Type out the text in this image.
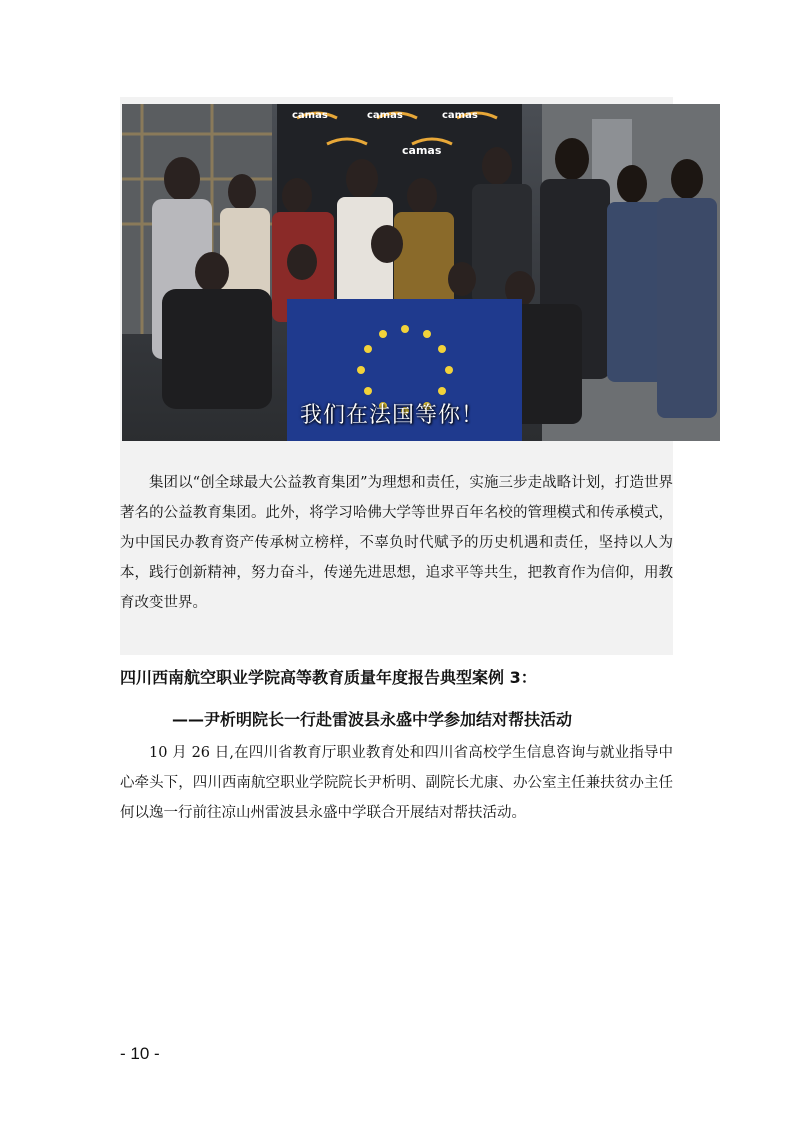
camas	camas	camas
camas
我们在法国等你！

集团以“创全球最大公益教育集团”为理想和责任，实施三步走战略计划，打造世界著名的公益教育集团。此外，将学习哈佛大学等世界百年名校的管理模式和传承模式，为中国民办教育资产传承树立榜样，不辜负时代赋予的历史机遇和责任，坚持以人为本，践行创新精神，努力奋斗，传递先进思想，追求平等共生，把教育作为信仰，用教育改变世界。

四川西南航空职业学院高等教育质量年度报告典型案例 3：
——尹析明院长一行赴雷波县永盛中学参加结对帮扶活动

10 月 26 日,在四川省教育厅职业教育处和四川省高校学生信息咨询与就业指导中心牵头下，四川西南航空职业学院院长尹析明、副院长尤康、办公室主任兼扶贫办主任何以逸一行前往凉山州雷波县永盛中学联合开展结对帮扶活动。

- 10 -
